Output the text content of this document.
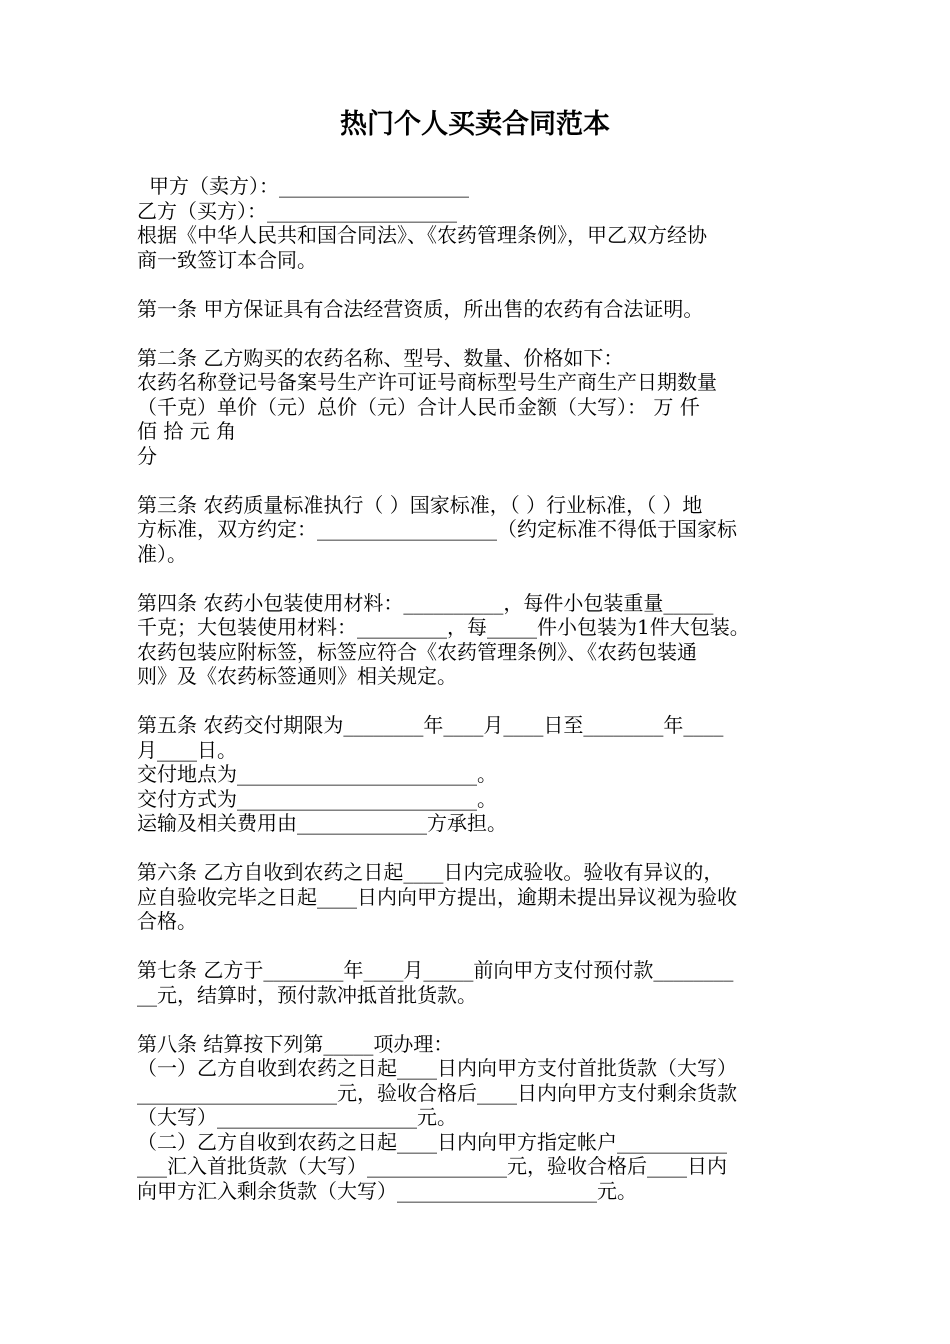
热门个人买卖合同范本
甲方（卖方）：___________________
乙方（买方）：___________________
根据《中华人民共和国合同法》、《农药管理条例》，甲乙双方经协
商一致签订本合同。
第一条 甲方保证具有合法经营资质，所出售的农药有合法证明。
第二条 乙方购买的农药名称、型号、数量、价格如下：
农药名称登记号备案号生产许可证号商标型号生产商生产日期数量
（千克）单价（元）总价（元）合计人民币金额（大写）： 万 仟
佰 拾 元 角
分
第三条 农药质量标准执行（ ）国家标准，（ ）行业标准，（ ）地
方标准，双方约定：__________________（约定标准不得低于国家标
准）。
第四条 农药小包装使用材料：__________，每件小包装重量_____
千克；大包装使用材料：_________，每_____件小包装为1件大包装。
农药包装应附标签，标签应符合《农药管理条例》、《农药包装通
则》及《农药标签通则》相关规定。
第五条 农药交付期限为________年____月____日至________年____
月____日。
交付地点为________________________。
交付方式为________________________。
运输及相关费用由_____________方承担。
第六条 乙方自收到农药之日起____日内完成验收。验收有异议的，
应自验收完毕之日起____日内向甲方提出，逾期未提出异议视为验收
合格。
第七条 乙方于________年____月_____前向甲方支付预付款________
__元，结算时，预付款冲抵首批货款。
第八条 结算按下列第_____项办理：
（一）乙方自收到农药之日起____日内向甲方支付首批货款（大写）
____________________元，验收合格后____日内向甲方支付剩余货款
（大写）____________________元。
（二）乙方自收到农药之日起____日内向甲方指定帐户___________
___汇入首批货款（大写）______________元，验收合格后____日内
向甲方汇入剩余货款（大写）____________________元。
